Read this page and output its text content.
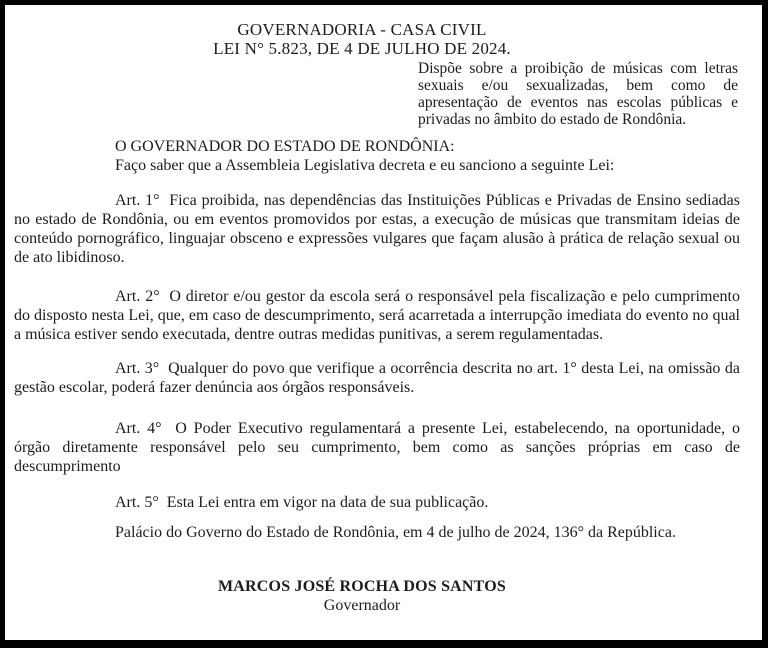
GOVERNADORIA - CASA CIVIL

LEI N° 5.823, DE 4 DE JULHO DE 2024.

Dispõe sobre a proibição de músicas com letras sexuais e/ou sexualizadas, bem como de apresentação de eventos nas escolas públicas e privadas no âmbito do estado de Rondônia.

O GOVERNADOR DO ESTADO DE RONDÔNIA:

Faço saber que a Assembleia Legislativa decreta e eu sanciono a seguinte Lei:

Art. 1°  Fica proibida, nas dependências das Instituições Públicas e Privadas de Ensino sediadas no estado de Rondônia, ou em eventos promovidos por estas, a execução de músicas que transmitam ideias de conteúdo pornográfico, linguajar obsceno e expressões vulgares que façam alusão à prática de relação sexual ou de ato libidinoso.

Art. 2°  O diretor e/ou gestor da escola será o responsável pela fiscalização e pelo cumprimento do disposto nesta Lei, que, em caso de descumprimento, será acarretada a interrupção imediata do evento no qual a música estiver sendo executada, dentre outras medidas punitivas, a serem regulamentadas.

Art. 3°  Qualquer do povo que verifique a ocorrência descrita no art. 1° desta Lei, na omissão da gestão escolar, poderá fazer denúncia aos órgãos responsáveis.

Art. 4°  O Poder Executivo regulamentará a presente Lei, estabelecendo, na oportunidade, o órgão diretamente responsável pelo seu cumprimento, bem como as sanções próprias em caso de descumprimento

Art. 5°  Esta Lei entra em vigor na data de sua publicação.

Palácio do Governo do Estado de Rondônia, em 4 de julho de 2024, 136° da República.

MARCOS JOSÉ ROCHA DOS SANTOS

Governador
